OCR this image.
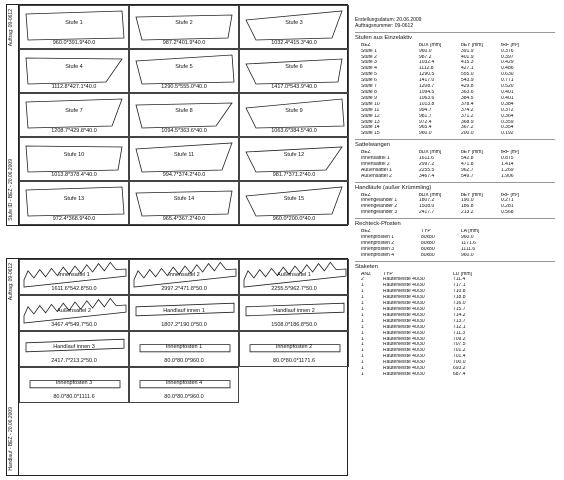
Auftrag: 09-0612
Stufe ID - BEZ - 20.06.2009
Stufe 1
960.0*391.9*40.0
Stufe 2
987.2*401.9*40.0
Stufe 3
1032.4*415.3*40.0
Stufe 4
1112.8*427.1*40.0
Stufe 5
1290.5*555.0*40.0
Stufe 6
1417.0*543.9*40.0
Stufe 7
1208.7*429.8*40.0
Stufe 8
1094.5*363.6*40.0
Stufe 9
1063.6*384.5*40.0
Stufe 10
1013.8*378.4*40.0
Stufe 11
994.7*374.2*40.0
Stufe 12
981.7*371.2*40.0
Stufe 13
972.4*368.9*40.0
Stufe 14
965.4*367.2*40.0
Stufe 15
960.0*200.0*40.0
Auftrag: 09-0612
Handlauf - BEZ - 20.06.2009
Innensattel 1
1611.6*542.8*50.0
Innensattel 2
2997.2*471.8*50.0
Außensattel 1
2255.5*962.7*50.0
Außensattel 2
3467.4*549.7*50.0
Handlauf innen 1
1807.2*190.0*50.0
Handlauf innen 2
1508.0*186.8*50.0
Handlauf innen 3
2417.7*213.2*50.0
Innenpfosten 1
80.0*80.0*960.0
Innenpfosten 2
80.0*80.0*1171.6
Innenpfosten 3
80.0*80.0*1111.6
Innenpfosten 4
80.0*80.0*960.0
Erstellungsdatum : 20.06.2009
Auftragsnummer : 09-0612
Stufen aus Einzelaktiv
BEZ	bDX [mm]	bEY [mm]	tRF [m²]
Stufe 1	960.0	391.9	0.376
Stufe 2	987.2	401.9	0.397
Stufe 3	1032.4	415.3	0.429
Stufe 4	1112.8	427.1	0.486
Stufe 5	1290.5	555.0	0.630
Stufe 6	1417.0	543.9	0.771
Stufe 7	1208.7	429.8	0.520
Stufe 8	1094.5	363.6	0.401
Stufe 9	1063.6	384.5	0.401
Stufe 10	1013.8	378.4	0.384
Stufe 11	994.7	374.2	0.372
Stufe 12	981.7	371.2	0.364
Stufe 13	972.4	368.9	0.359
Stufe 14	965.4	367.2	0.354
Stufe 15	960.0	200.0	0.192
Sattelwangen
BEZ	bDX [mm]	bEY [mm]	tRF [m²]
Innensattel 1	1611.6	542.8	0.875
Innensattel 2	2997.2	471.8	1.414
Außensattel 1	2255.5	962.7	1.269
Außensattel 2	3467.4	549.7	1.906
Handläufe (außer Krümmling)
BEZ	bDX [mm]	bEY [mm]	tRF [m²]
Innengeländer 1	1807.2	190.0	0.271
Innengeländer 2	1508.0	186.8	0.281
Innengeländer 3	2417.7	213.2	0.568
Rechteck-Pfosten
BEZ	TYP	LA [mm]
Innenpfosten 1	80x80	960.0
Innenpfosten 2	80x80	1171.6
Innenpfosten 3	80x80	1111.6
Innenpfosten 4	80x80	960.0
Staketen
ANZ	TYP	LD [mm]
2	Rautenleiste 40/30	711.4
1	Rautenleiste 40/30	717.1
1	Rautenleiste 40/30	710.8
1	Rautenleiste 40/30	718.8
1	Rautenleiste 40/30	716.0
1	Rautenleiste 40/30	715.7
1	Rautenleiste 40/30	714.2
1	Rautenleiste 40/30	713.7
1	Rautenleiste 40/30	712.1
1	Rautenleiste 40/30	711.3
1	Rautenleiste 40/30	709.2
1	Rautenleiste 40/30	707.5
1	Rautenleiste 40/30	701.2
1	Rautenleiste 40/30	701.4
1	Rautenleiste 40/30	700.0
1	Rautenleiste 40/30	693.2
1	Rautenleiste 40/30	687.4
